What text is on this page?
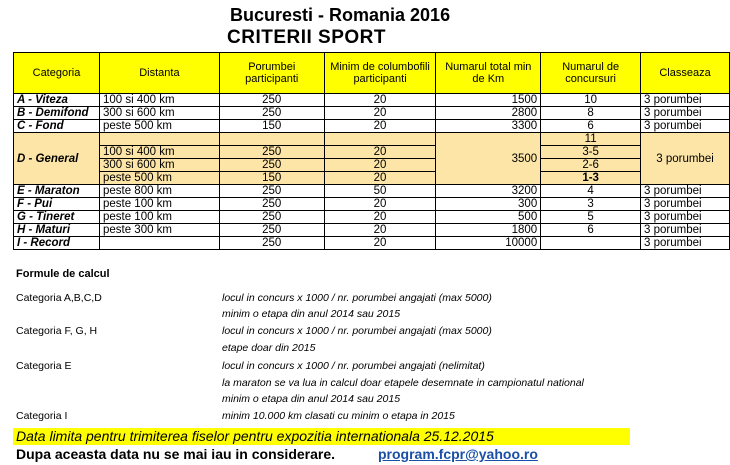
Bucuresti - Romania 2016
CRITERII SPORT
Categoria	Distanta	Porumbei participanti	Minim de columbofili participanti	Numarul total min de Km	Numarul de concursuri	Classeaza
A - Viteza	100 si 400 km	250	20	1500	10	3 porumbei
B - Demifond	300 si 600 km	250	20	2800	8	3 porumbei
C - Fond	peste 500 km	150	20	3300	6	3 porumbei
D - General				3500	11	3 porumbei
	100 si 400 km	250	20		3-5	
	300 si 600 km	250	20		2-6	
	peste 500 km	150	20		1-3	
E - Maraton	peste 800 km	250	50	3200	4	3 porumbei
F - Pui	peste 100 km	250	20	300	3	3 porumbei
G - Tineret	peste 100 km	250	20	500	5	3 porumbei
H - Maturi	peste 300 km	250	20	1800	6	3 porumbei
I - Record		250	20	10000		3 porumbei
Formule de calcul
Categoria A,B,C,D	locul in concurs x 1000 / nr. porumbei angajati (max 5000)
minim o etapa din anul 2014 sau 2015
Categoria F, G, H	locul in concurs x 1000 / nr. porumbei angajati (max 5000)
etape doar din 2015
Categoria E	locul in concurs x 1000 / nr. porumbei angajati (nelimitat)
la maraton se va lua in calcul doar etapele desemnate in campionatul national
minim o etapa din anul 2014 sau 2015
Categoria I	minim 10.000 km clasati cu minim o etapa in 2015
Data limita pentru trimiterea fiselor pentru expozitia internationala 25.12.2015
Dupa aceasta data nu se mai iau in considerare.	program.fcpr@yahoo.ro
